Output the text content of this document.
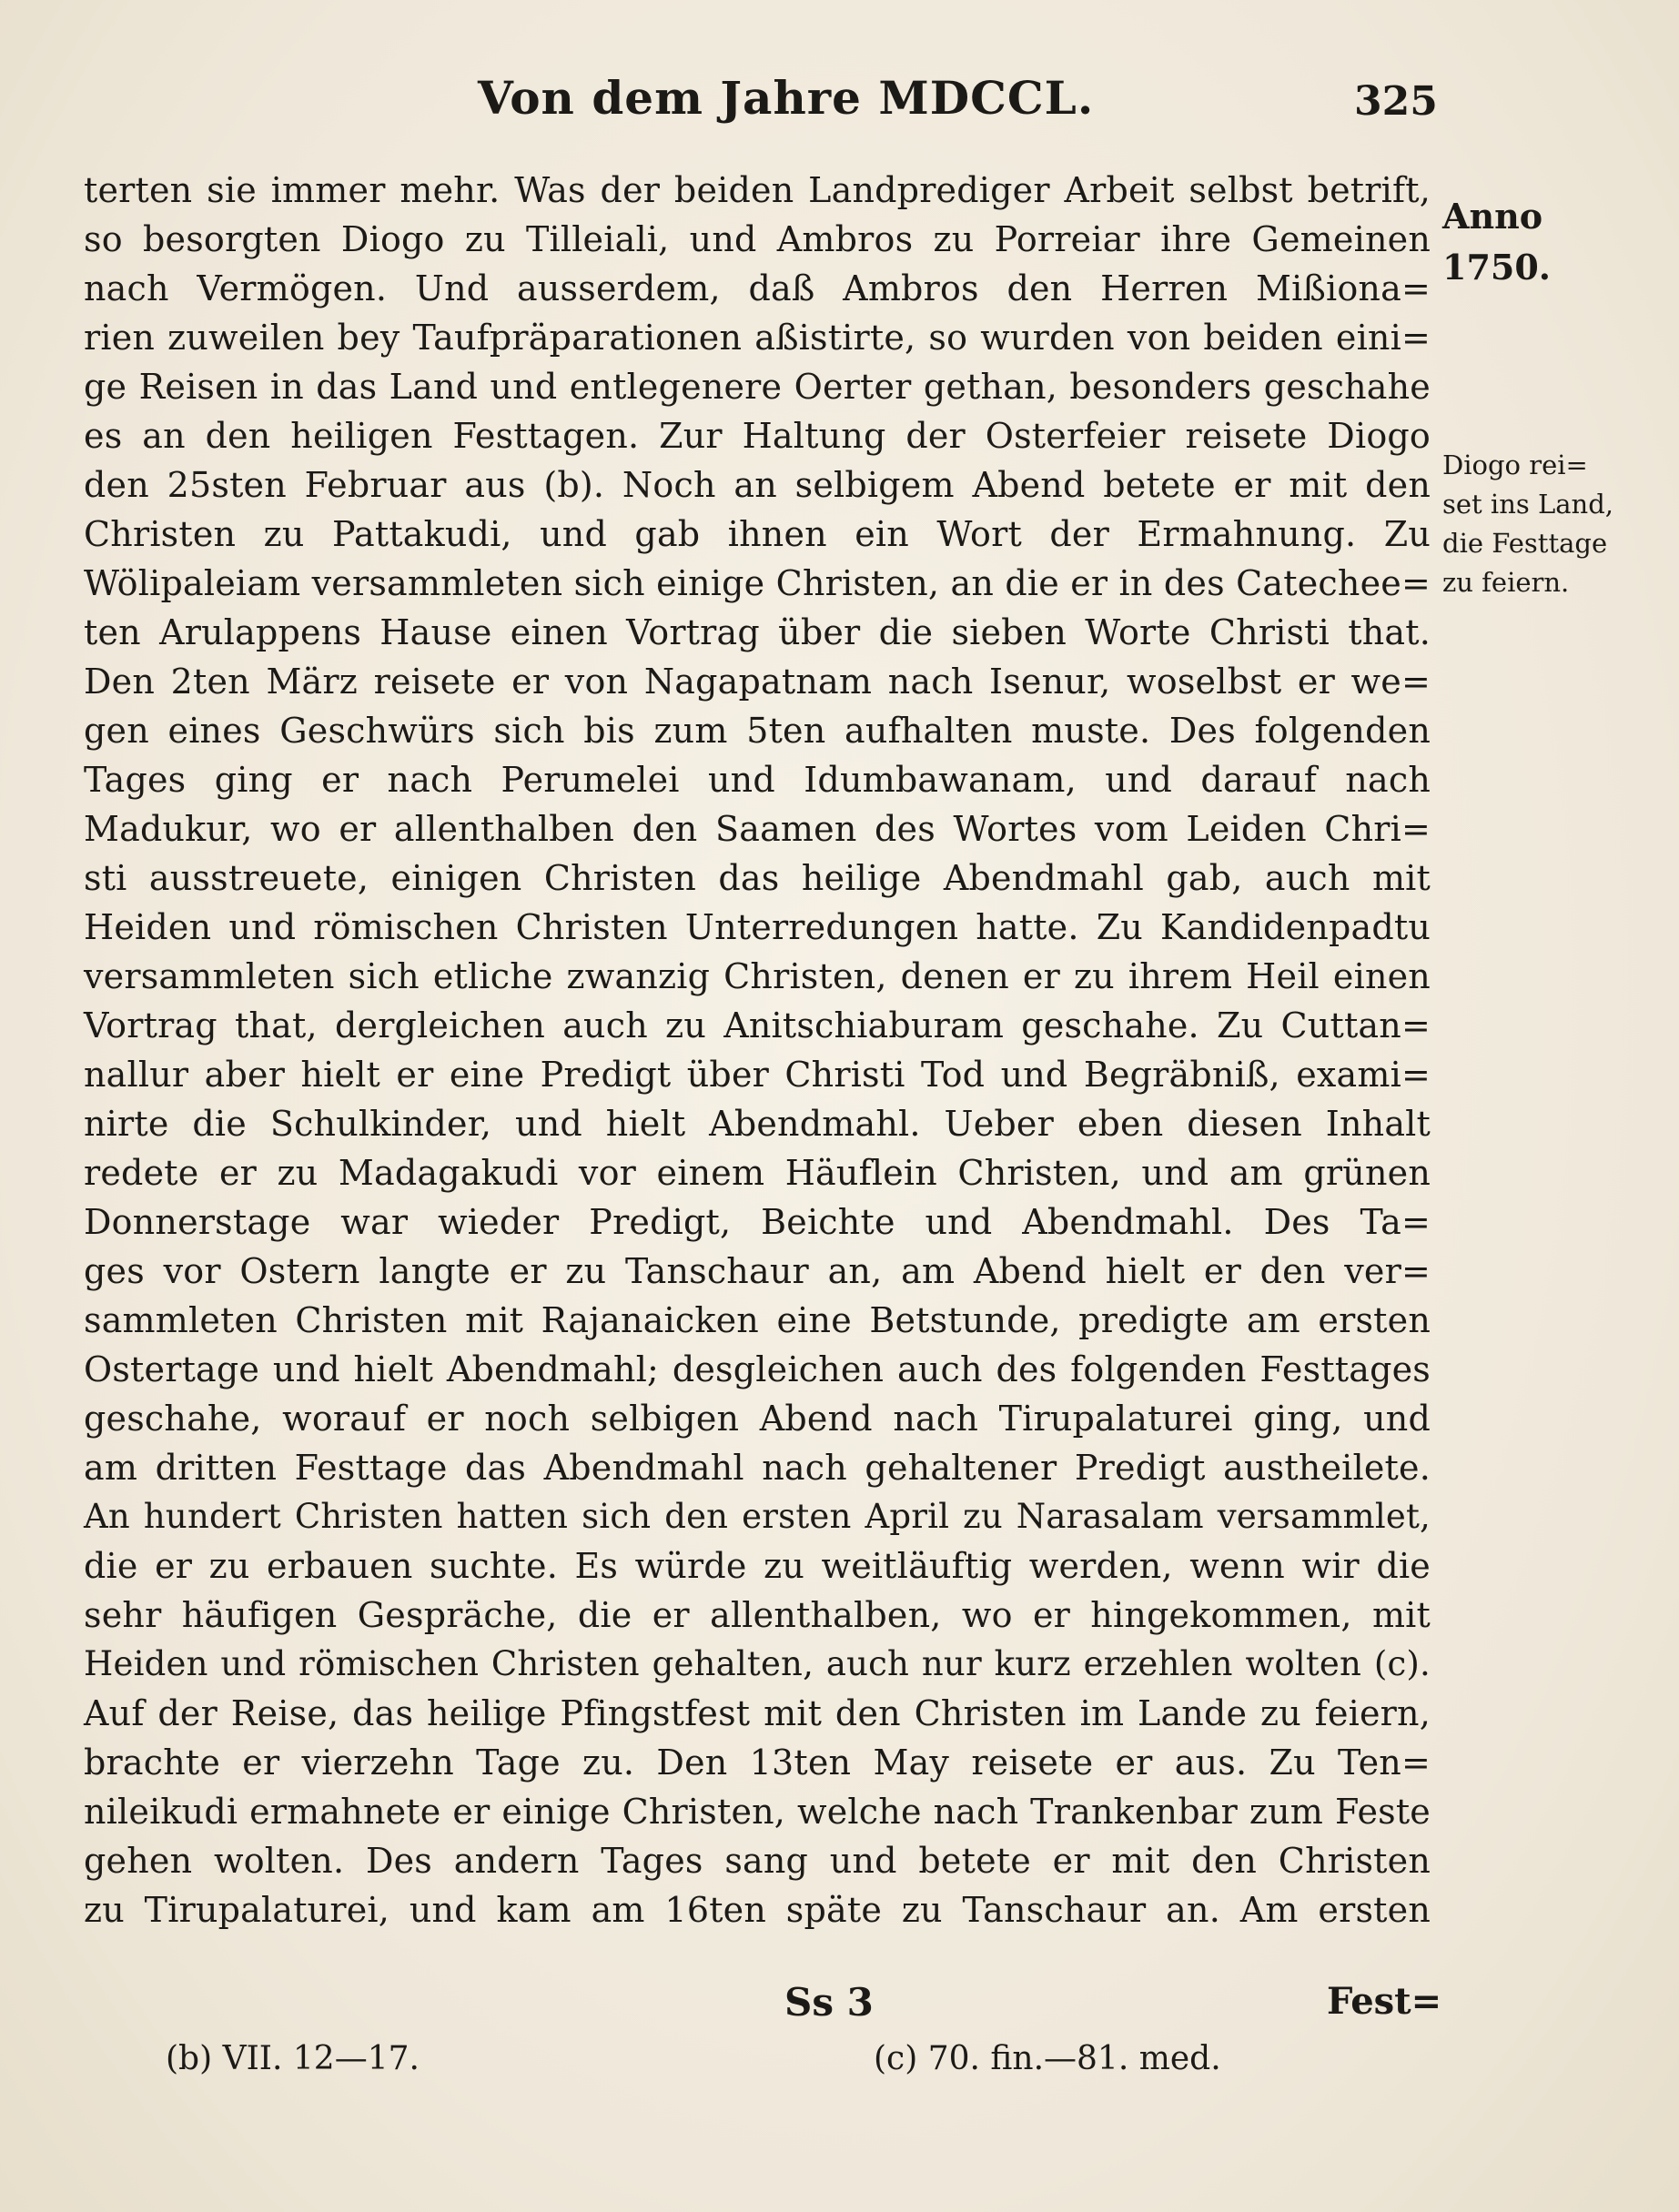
Von dem Jahre MDCCL.	325
terten sie immer mehr. Was der beiden Landprediger Arbeit selbst betrift,
so besorgten Diogo zu Tilleiali, und Ambros zu Porreiar ihre Gemeinen
nach Vermögen. Und ausserdem, daß Ambros den Herren Mißiona=
rien zuweilen bey Taufpräparationen aßistirte, so wurden von beiden eini=
ge Reisen in das Land und entlegenere Oerter gethan, besonders geschahe
es an den heiligen Festtagen. Zur Haltung der Osterfeier reisete Diogo
den 25sten Februar aus (b). Noch an selbigem Abend betete er mit den
Christen zu Pattakudi, und gab ihnen ein Wort der Ermahnung. Zu
Wölipaleiam versammleten sich einige Christen, an die er in des Catechee=
ten Arulappens Hause einen Vortrag über die sieben Worte Christi that.
Den 2ten März reisete er von Nagapatnam nach Isenur, woselbst er we=
gen eines Geschwürs sich bis zum 5ten aufhalten muste. Des folgenden
Tages ging er nach Perumelei und Idumbawanam, und darauf nach
Madukur, wo er allenthalben den Saamen des Wortes vom Leiden Chri=
sti ausstreuete, einigen Christen das heilige Abendmahl gab, auch mit
Heiden und römischen Christen Unterredungen hatte. Zu Kandidenpadtu
versammleten sich etliche zwanzig Christen, denen er zu ihrem Heil einen
Vortrag that, dergleichen auch zu Anitschiaburam geschahe. Zu Cuttan=
nallur aber hielt er eine Predigt über Christi Tod und Begräbniß, exami=
nirte die Schulkinder, und hielt Abendmahl. Ueber eben diesen Inhalt
redete er zu Madagakudi vor einem Häuflein Christen, und am grünen
Donnerstage war wieder Predigt, Beichte und Abendmahl. Des Ta=
ges vor Ostern langte er zu Tanschaur an, am Abend hielt er den ver=
sammleten Christen mit Rajanaicken eine Betstunde, predigte am ersten
Ostertage und hielt Abendmahl; desgleichen auch des folgenden Festtages
geschahe, worauf er noch selbigen Abend nach Tirupalaturei ging, und
am dritten Festtage das Abendmahl nach gehaltener Predigt austheilete.
An hundert Christen hatten sich den ersten April zu Narasalam versammlet,
die er zu erbauen suchte. Es würde zu weitläuftig werden, wenn wir die
sehr häufigen Gespräche, die er allenthalben, wo er hingekommen, mit
Heiden und römischen Christen gehalten, auch nur kurz erzehlen wolten (c).
Auf der Reise, das heilige Pfingstfest mit den Christen im Lande zu feiern,
brachte er vierzehn Tage zu. Den 13ten May reisete er aus. Zu Ten=
nileikudi ermahnete er einige Christen, welche nach Trankenbar zum Feste
gehen wolten. Des andern Tages sang und betete er mit den Christen
zu Tirupalaturei, und kam am 16ten späte zu Tanschaur an. Am ersten
Anno
1750.
Diogo rei=
set ins Land,
die Festtage
zu feiern.
Ss 3	Fest=
(b) VII. 12—17.	(c) 70. fin.—81. med.
